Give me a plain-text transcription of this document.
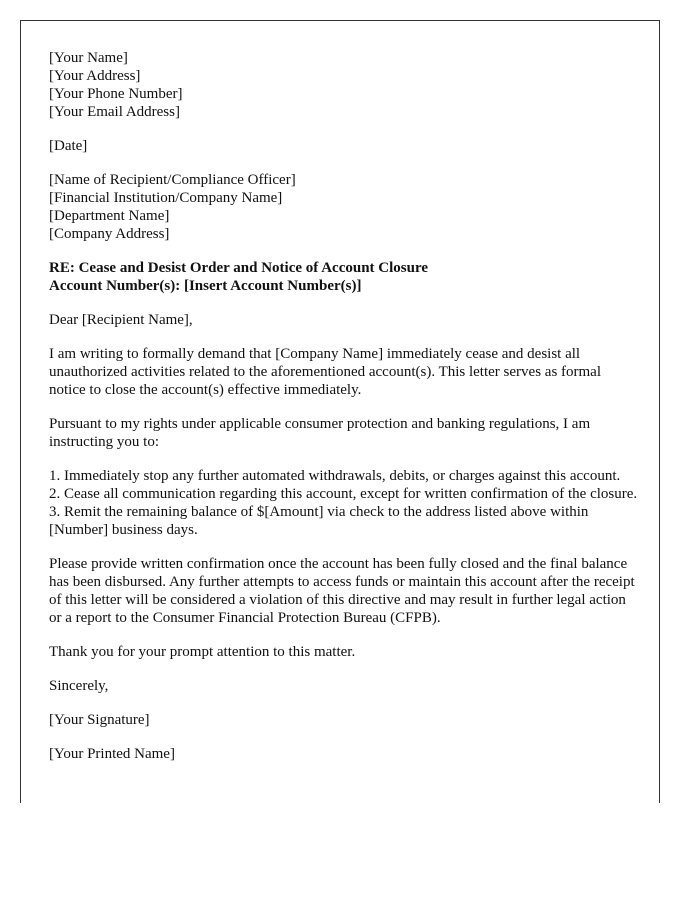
[Your Name]
[Your Address]
[Your Phone Number]
[Your Email Address]
[Date]
[Name of Recipient/Compliance Officer]
[Financial Institution/Company Name]
[Department Name]
[Company Address]
RE: Cease and Desist Order and Notice of Account Closure
Account Number(s): [Insert Account Number(s)]

Dear [Recipient Name],

I am writing to formally demand that [Company Name] immediately cease and desist all unauthorized activities related to the aforementioned account(s). This letter serves as formal notice to close the account(s) effective immediately.

Pursuant to my rights under applicable consumer protection and banking regulations, I am instructing you to:

1. Immediately stop any further automated withdrawals, debits, or charges against this account.
2. Cease all communication regarding this account, except for written confirmation of the closure.
3. Remit the remaining balance of $[Amount] via check to the address listed above within [Number] business days.

Please provide written confirmation once the account has been fully closed and the final balance has been disbursed. Any further attempts to access funds or maintain this account after the receipt of this letter will be considered a violation of this directive and may result in further legal action or a report to the Consumer Financial Protection Bureau (CFPB).

Thank you for your prompt attention to this matter.

Sincerely,

[Your Signature]

[Your Printed Name]
